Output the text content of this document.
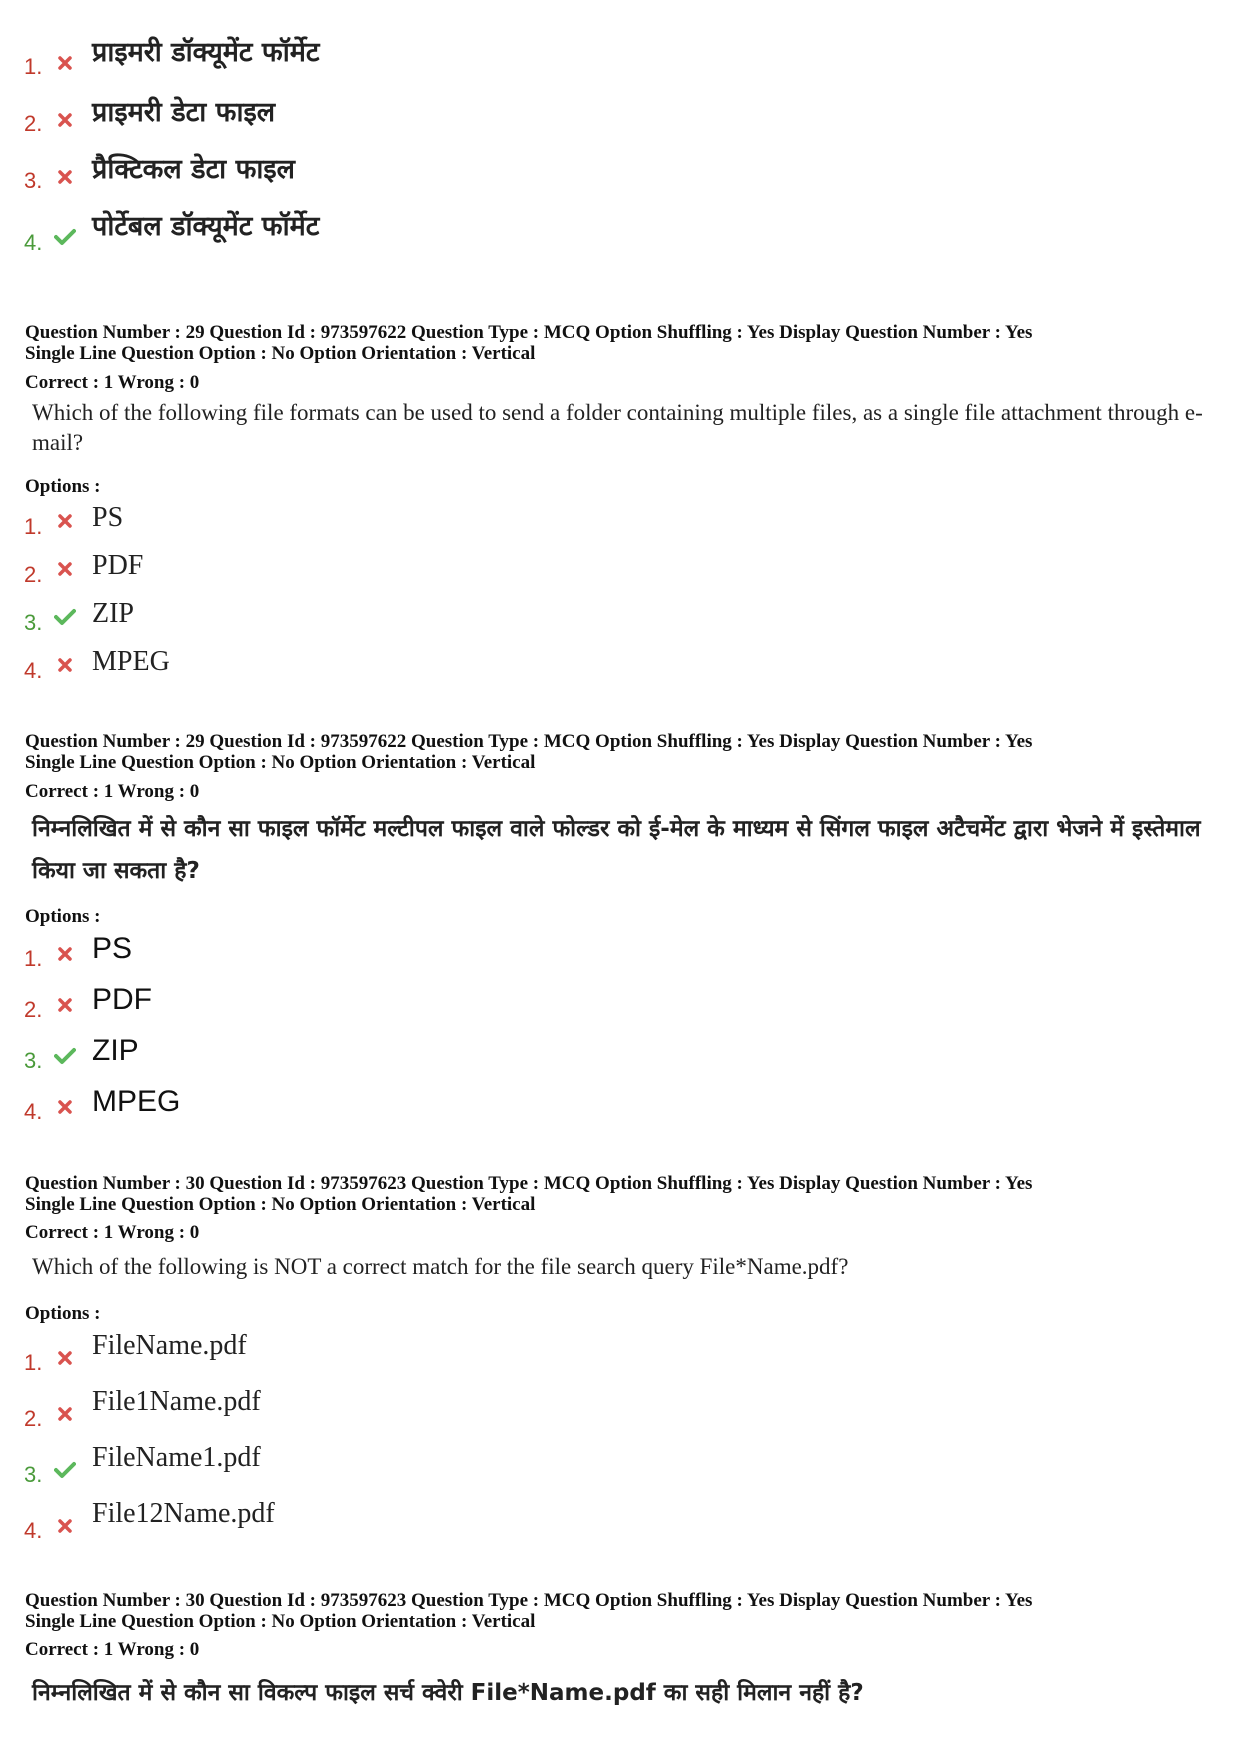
1. प्राइमरी डॉक्यूमेंट फॉर्मेट
2. प्राइमरी डेटा फाइल
3. प्रैक्टिकल डेटा फाइल
4.
पोर्टेबल डॉक्यूमेंट फॉर्मेट
Question Number : 29 Question Id : 973597622 Question Type : MCQ Option Shuffling : Yes Display Question Number : Yes
Single Line Question Option : No Option Orientation : Vertical
Correct : 1 Wrong : 0
Which of the following file formats can be used to send a folder containing multiple files, as a single file attachment through e-mail?
Options :
1. PS
2. PDF
3. ZIP
4. MPEG
Question Number : 29 Question Id : 973597622 Question Type : MCQ Option Shuffling : Yes Display Question Number : Yes
Single Line Question Option : No Option Orientation : Vertical
Correct : 1 Wrong : 0
निम्नलिखित में से कौन सा फाइल फॉर्मेट मल्टीपल फाइल वाले फोल्डर को ई-मेल के माध्यम से सिंगल फाइल अटैचमेंट द्वारा भेजने में इस्तेमाल किया जा सकता है?
Options :
1. PS
2. PDF
3. ZIP
4. MPEG
Question Number : 30 Question Id : 973597623 Question Type : MCQ Option Shuffling : Yes Display Question Number : Yes
Single Line Question Option : No Option Orientation : Vertical
Correct : 1 Wrong : 0
Which of the following is NOT a correct match for the file search query File*Name.pdf?
Options :
1.
FileName.pdf
2.
File1Name.pdf
3.
FileName1.pdf
4.
File12Name.pdf
Question Number : 30 Question Id : 973597623 Question Type : MCQ Option Shuffling : Yes Display Question Number : Yes
Single Line Question Option : No Option Orientation : Vertical
Correct : 1 Wrong : 0
निम्नलिखित में से कौन सा विकल्प फाइल सर्च क्वेरी File*Name.pdf का सही मिलान नहीं है?
